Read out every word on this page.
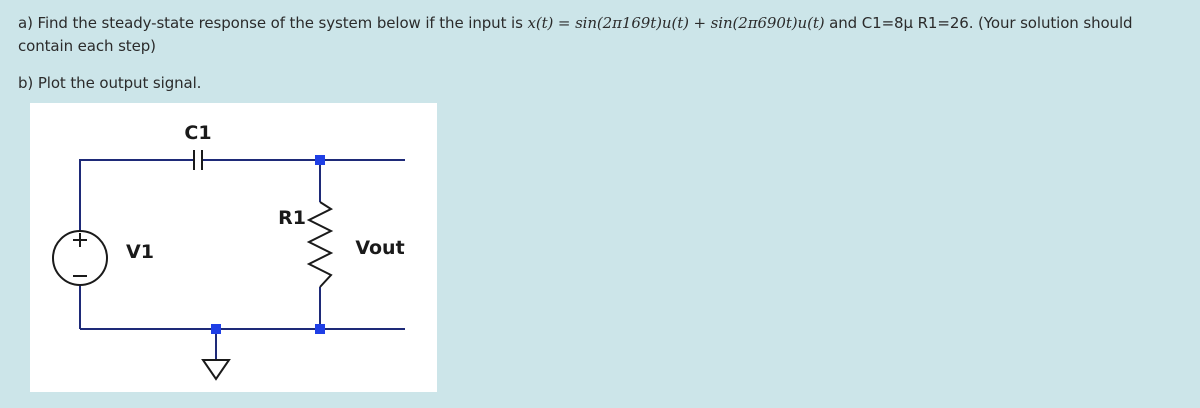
a) Find the steady-state response of the system below if the input is x(t) = sin(2π169t)u(t) + sin(2π690t)u(t) and C1=8μ R1=26. (Your solution should contain each step)
b) Plot the output signal.
C1
R1
V1	Vout
